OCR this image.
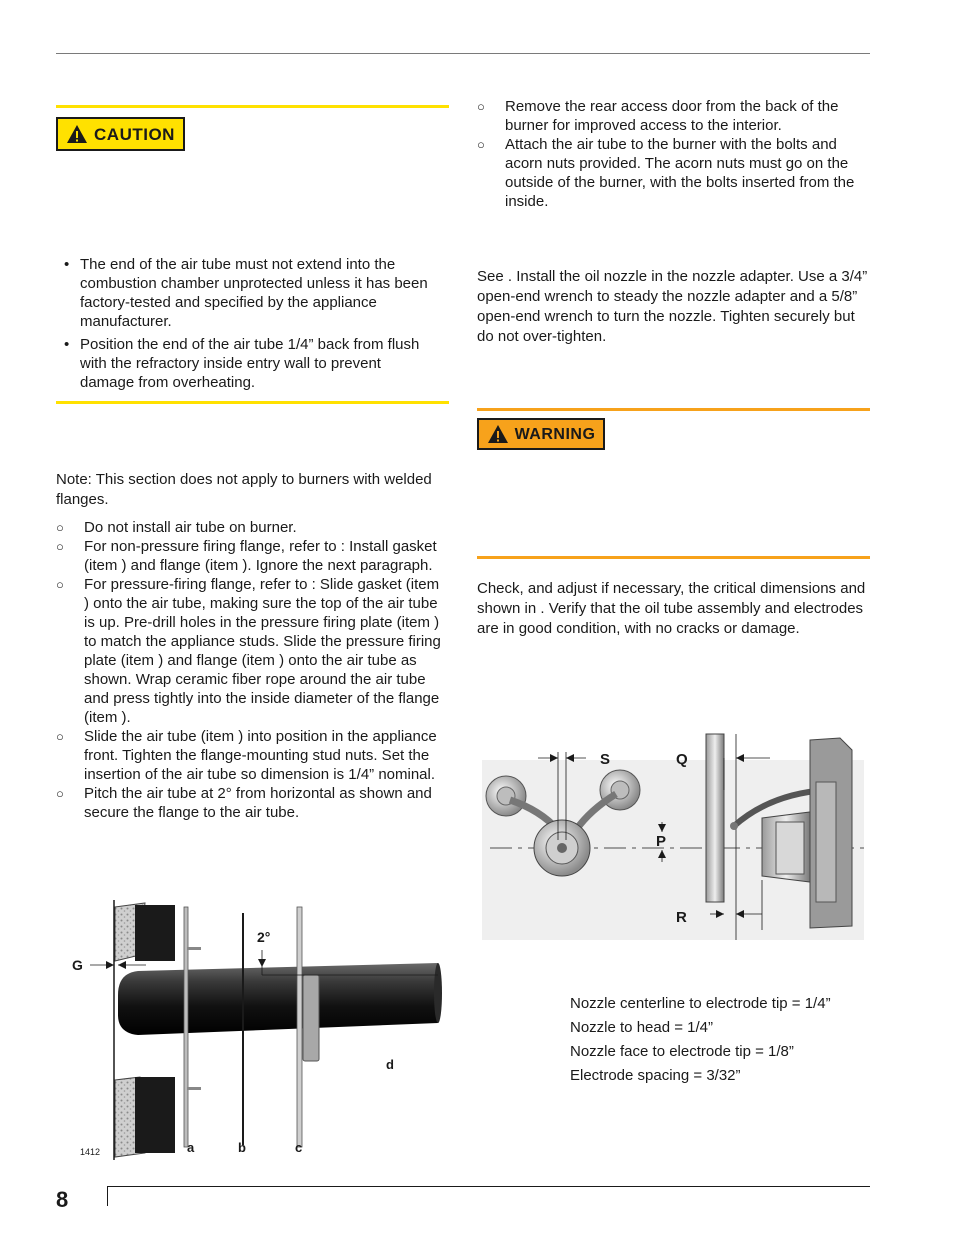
CAUTION
• The end of the air tube must not extend into the combustion chamber unprotected unless it has been factory-tested and specified by the appliance manufacturer.
• Position the end of the air tube 1/4” back from flush with the refractory inside entry wall to prevent damage from overheating.

Note: This section does not apply to burners with welded flanges.

○ Do not install air tube on burner.
○ For non-pressure firing flange, refer to : Install gasket (item ) and flange (item ). Ignore the next paragraph.
○ For pressure-firing flange, refer to : Slide gasket (item ) onto the air tube, making sure the top of the air tube is up. Pre-drill holes in the pressure firing plate (item ) to match the appliance studs. Slide the pressure firing plate (item ) and flange (item ) onto the air tube as shown. Wrap ceramic fiber rope around the air tube and press tightly into the inside diameter of the flange (item ).
○ Slide the air tube (item ) into position in the appliance front. Tighten the flange-mounting stud nuts. Set the insertion of the air tube so dimension is 1/4” nominal.
○ Pitch the air tube at 2° from horizontal as shown and secure the flange to the air tube.
2°
G
a	b	c
d
1412
○ Remove the rear access door from the back of the burner for improved access to the interior.
○ Attach the air tube to the burner with the bolts and acorn nuts provided. The acorn nuts must go on the outside of the burner, with the bolts inserted from the inside.

See . Install the oil nozzle in the nozzle adapter. Use a 3/4” open-end wrench to steady the nozzle adapter and a 5/8” open-end wrench to turn the nozzle. Tighten securely but do not over-tighten.

WARNING

Check, and adjust if necessary, the critical dimensions and shown in . Verify that the oil tube assembly and electrodes are in good condition, with no cracks or damage.

S
P
Q
R
Nozzle centerline to electrode tip = 1/4”
Nozzle to head = 1/4”
Nozzle face to electrode tip = 1/8”
Electrode spacing = 3/32”
8
